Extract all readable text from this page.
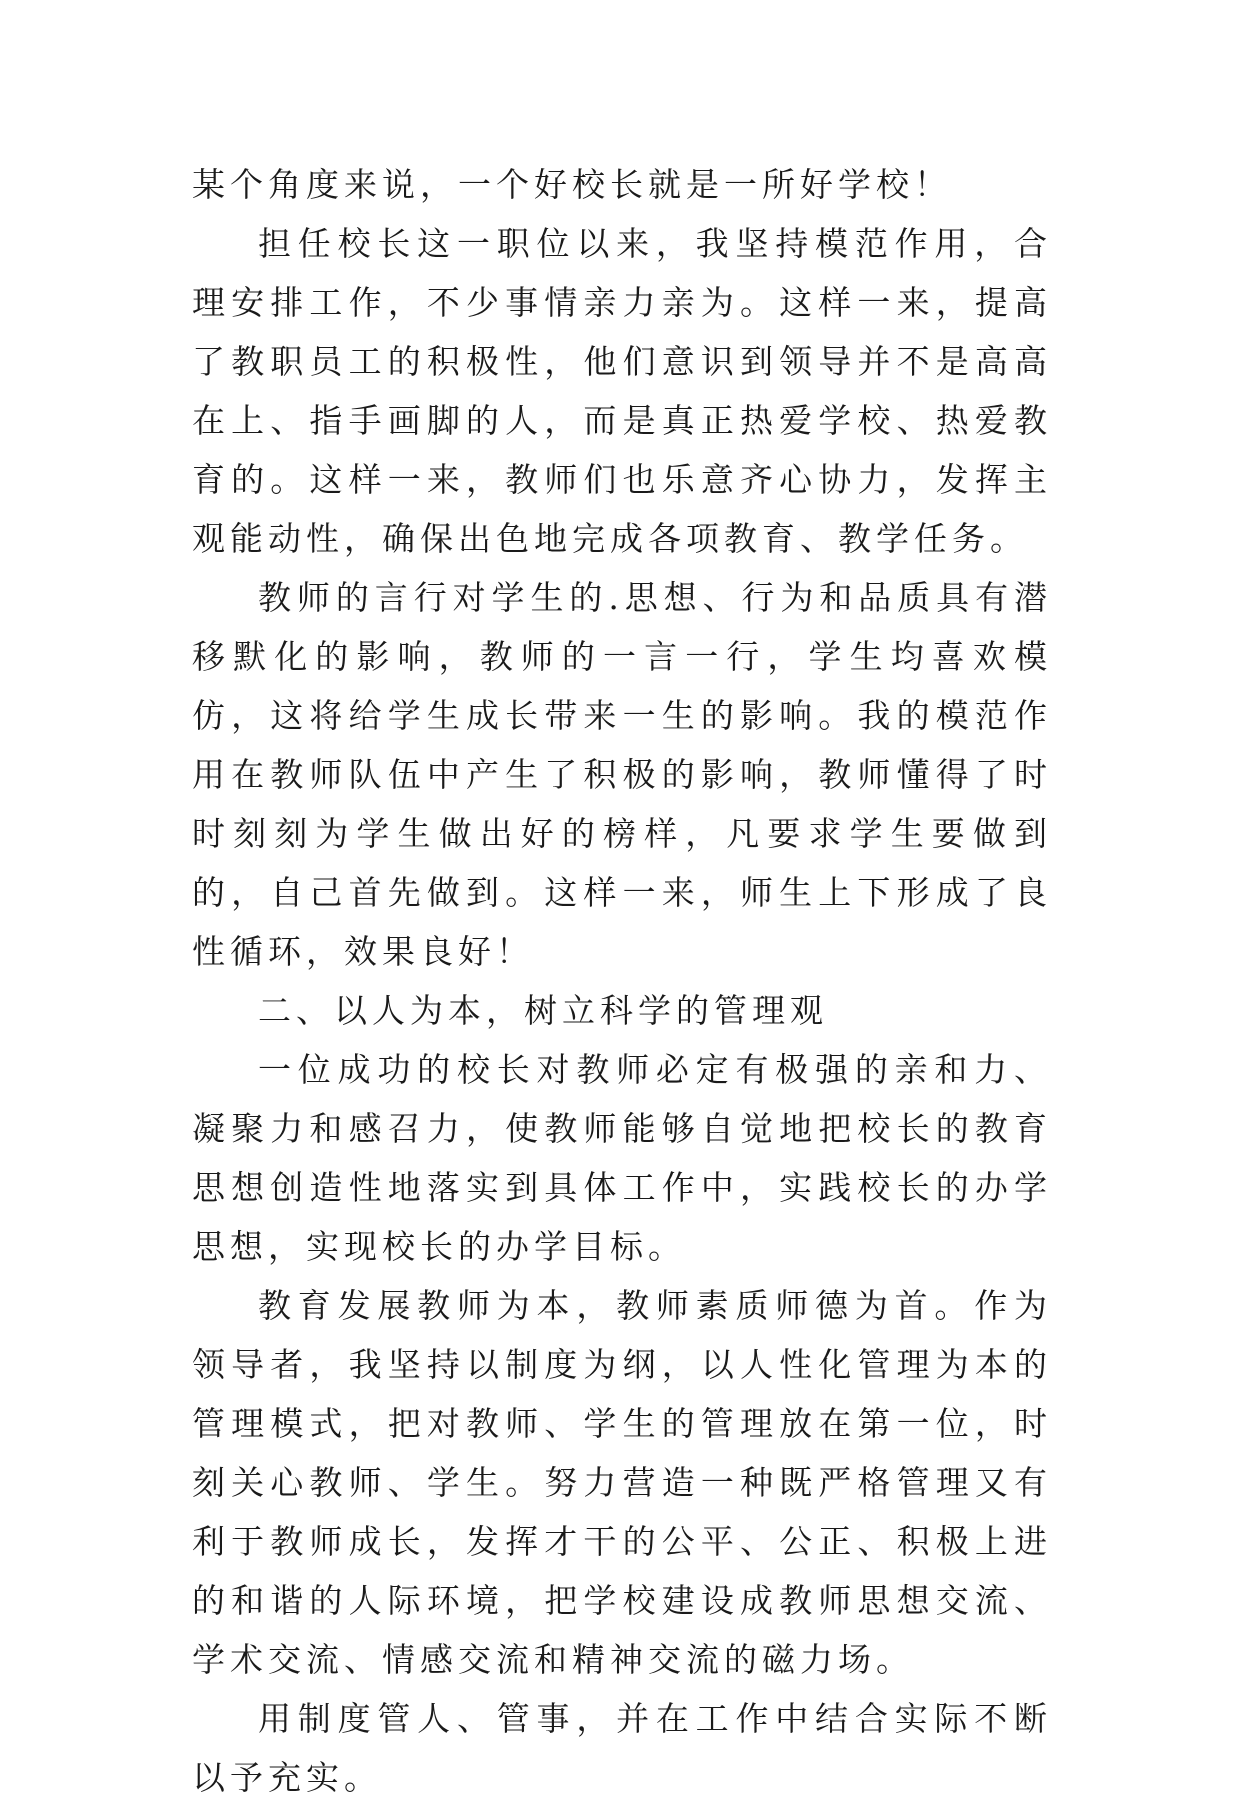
某个角度来说，一个好校长就是一所好学校！

担任校长这一职位以来，我坚持模范作用，合理安排工作，不少事情亲力亲为。这样一来，提高了教职员工的积极性，他们意识到领导并不是高高在上、指手画脚的人，而是真正热爱学校、热爱教育的。这样一来，教师们也乐意齐心协力，发挥主观能动性，确保出色地完成各项教育、教学任务。

教师的言行对学生的.思想、行为和品质具有潜移默化的影响，教师的一言一行，学生均喜欢模仿，这将给学生成长带来一生的影响。我的模范作用在教师队伍中产生了积极的影响，教师懂得了时时刻刻为学生做出好的榜样，凡要求学生要做到的，自己首先做到。这样一来，师生上下形成了良性循环，效果良好！

二、以人为本，树立科学的管理观

一位成功的校长对教师必定有极强的亲和力、凝聚力和感召力，使教师能够自觉地把校长的教育思想创造性地落实到具体工作中，实践校长的办学思想，实现校长的办学目标。

教育发展教师为本，教师素质师德为首。作为领导者，我坚持以制度为纲，以人性化管理为本的管理模式，把对教师、学生的管理放在第一位，时刻关心教师、学生。努力营造一种既严格管理又有利于教师成长，发挥才干的公平、公正、积极上进的和谐的人际环境，把学校建设成教师思想交流、学术交流、情感交流和精神交流的磁力场。

用制度管人、管事，并在工作中结合实际不断以予充实。
